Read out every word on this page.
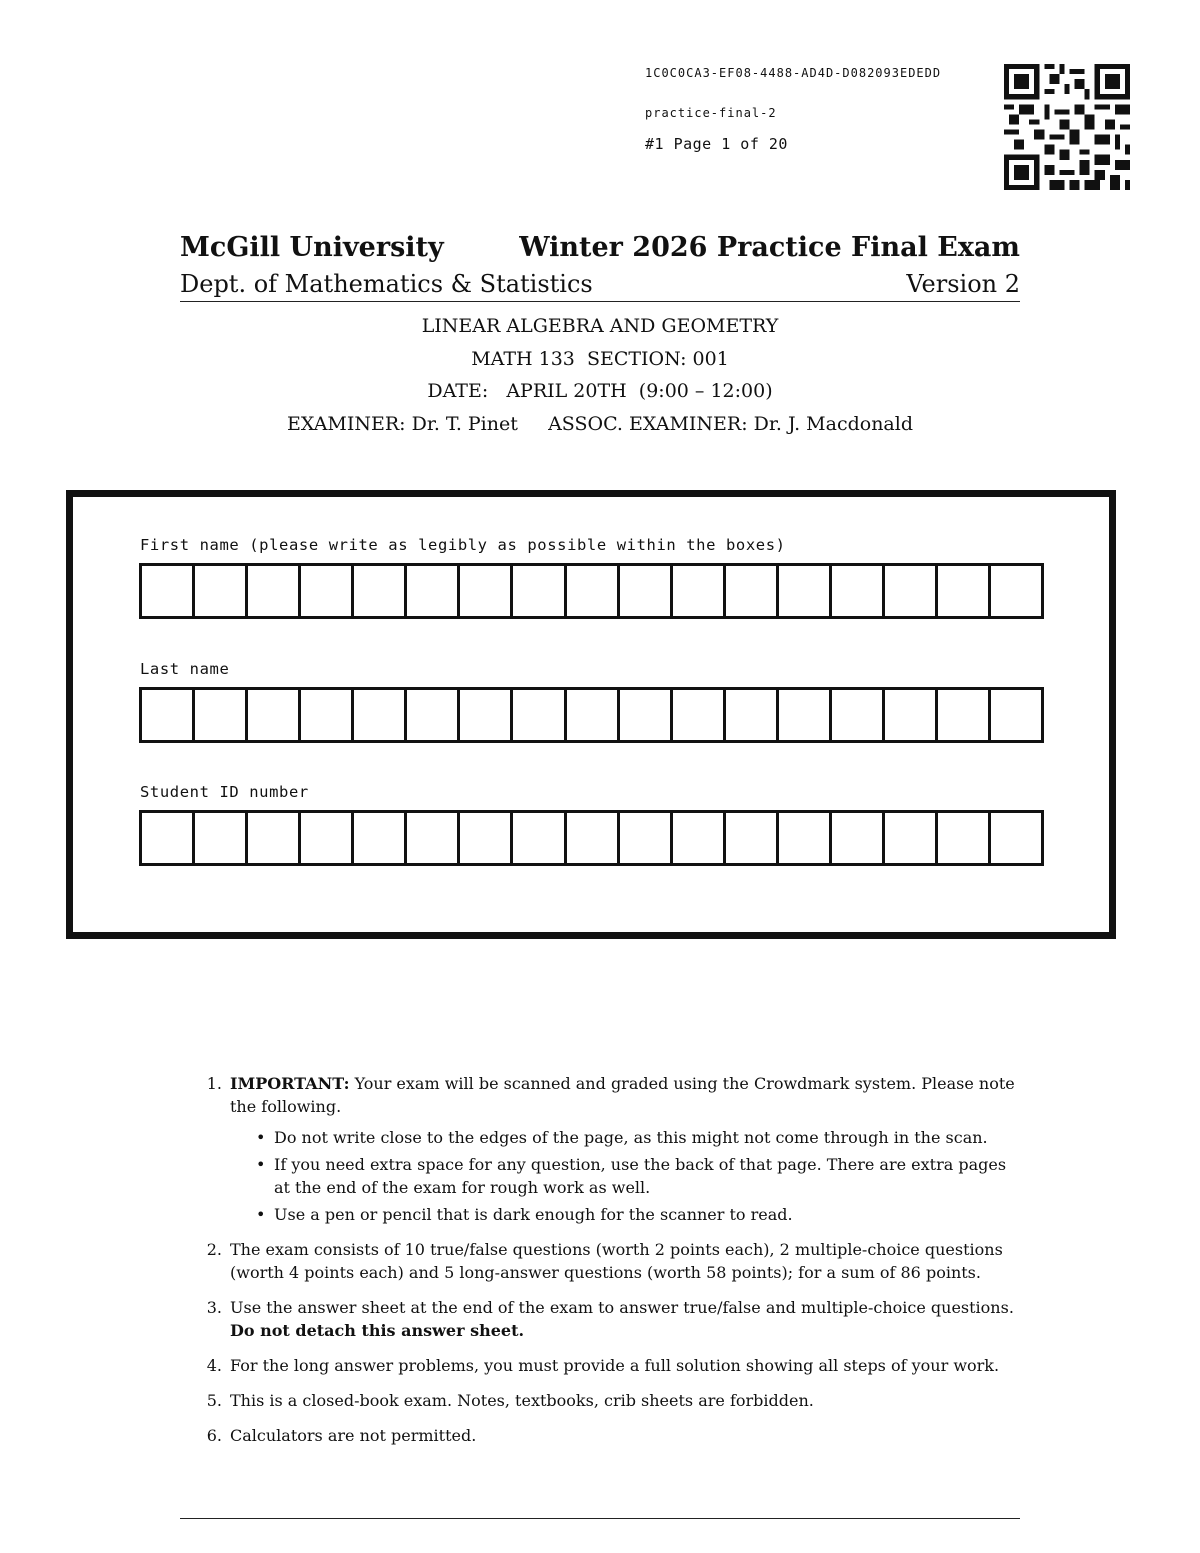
1C0C0CA3-EF08-4488-AD4D-D082093EDEDD
practice-final-2
#1 Page 1 of 20
McGill University	Winter 2026 Practice Final Exam
Dept. of Mathematics & Statistics	Version 2
LINEAR ALGEBRA AND GEOMETRY
MATH 133  SECTION: 001
DATE:   APRIL 20TH  (9:00 – 12:00)
EXAMINER: Dr. T. Pinet     ASSOC. EXAMINER: Dr. J. Macdonald
First name (please write as legibly as possible within the boxes)
Last name
Student ID number
1. IMPORTANT: Your exam will be scanned and graded using the Crowdmark system. Please note the following.
• Do not write close to the edges of the page, as this might not come through in the scan.
• If you need extra space for any question, use the back of that page. There are extra pages at the end of the exam for rough work as well.
• Use a pen or pencil that is dark enough for the scanner to read.
2. The exam consists of 10 true/false questions (worth 2 points each), 2 multiple-choice questions (worth 4 points each) and 5 long-answer questions (worth 58 points); for a sum of 86 points.
3. Use the answer sheet at the end of the exam to answer true/false and multiple-choice questions. Do not detach this answer sheet.
4. For the long answer problems, you must provide a full solution showing all steps of your work.
5. This is a closed-book exam. Notes, textbooks, crib sheets are forbidden.
6. Calculators are not permitted.
